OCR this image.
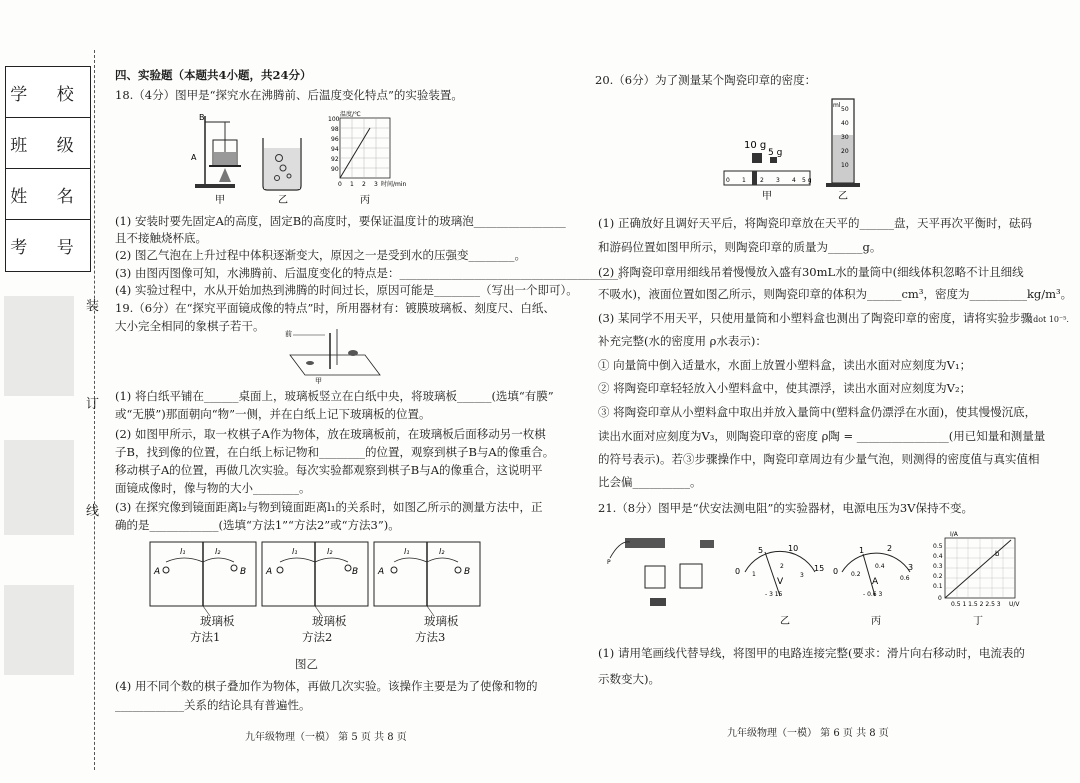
学 校
班 级
姓 名
考 号
装
订
线
四、实验题（本题共4小题，共24分）
18.（4分）图甲是“探究水在沸腾前、后温度变化特点”的实验装置。
B
A
100
98
96
94
92
90
温度/℃
0 1 2 3 时间/min
甲	乙	丙
(1) 安装时要先固定A的高度，固定B的高度时，要保证温度计的玻璃泡________________
且不接触烧杯底。
(2) 图乙气泡在上升过程中体积逐渐变大，原因之一是受到水的压强变________。
(3) 由图丙图像可知，水沸腾前、后温度变化的特点是：______________________________________。
(4) 实验过程中，水从开始加热到沸腾的时间过长，原因可能是________（写出一个即可）。
19.（6分）在“探究平面镜成像的特点”时，所用器材有：镀膜玻璃板、刻度尺、白纸、
大小完全相同的象棋子若干。
前
甲
(1) 将白纸平铺在______桌面上，玻璃板竖立在白纸中央，将玻璃板______(选填“有膜”
或“无膜”)那面朝向“物”一侧，并在白纸上记下玻璃板的位置。
(2) 如图甲所示，取一枚棋子A作为物体，放在玻璃板前，在玻璃板后面移动另一枚棋
子B，找到像的位置，在白纸上标记物和________的位置，观察到棋子B与A的像重合。
移动棋子A的位置，再做几次实验。每次实验都观察到棋子B与A的像重合，这说明平
面镜成像时，像与物的大小________。
(3) 在探究像到镜面距离l₂与物到镜面距离l₁的关系时，如图乙所示的测量方法中，正
确的是____________(选填“方法1”“方法2”或“方法3”)。
A	B
l₁	l₂
A	B
l₁	l₂
A	B
l₁	l₂
玻璃板	玻璃板	玻璃板
方法1	方法2	方法3
图乙
(4) 用不同个数的棋子叠加作为物体，再做几次实验。该操作主要是为了使像和物的
____________关系的结论具有普遍性。
九年级物理（一模） 第 5 页 共 8 页
20.（6分）为了测量某个陶瓷印章的密度：
10 g
5 g
0 1 2 3 4 5 g
甲
ml
50
40
30
20
10
乙
(1) 正确放好且调好天平后，将陶瓷印章放在天平的______盘，天平再次平衡时，砝码
和游码位置如图甲所示，则陶瓷印章的质量为______g。
(2) 将陶瓷印章用细线吊着慢慢放入盛有30mL水的量筒中(细线体积忽略不计且细线
不吸水)，液面位置如图乙所示，则陶瓷印章的体积为______cm³，密度为__________kg/m³。
(3) 某同学不用天平，只使用量筒和小塑料盒也测出了陶瓷印章的密度，请将实验步骤
补充完整(水的密度用 ρ水表示)：
① 向量筒中倒入适量水，水面上放置小塑料盒，读出水面对应刻度为V₁；
② 将陶瓷印章轻轻放入小塑料盒中，使其漂浮，读出水面对应刻度为V₂；
③ 将陶瓷印章从小塑料盒中取出并放入量筒中(塑料盒仍漂浮在水面)，使其慢慢沉底，
读出水面对应刻度为V₃，则陶瓷印章的密度 ρ陶 = ________________(用已知量和测量量
的符号表示)。若③步骤操作中，陶瓷印章周边有少量气泡，则测得的密度值与真实值相
比会偏__________。
(dot 10⁻⁵.
21.（8分）图甲是“伏安法测电阻”的实验器材，电源电压为3V保持不变。
P
0
5	10
15
1
2
3
V
- 3 15
0
1	2
3
0.2
0.4
0.6
A
- 0.6 3
b
I/A
0.5
0.4
0.3
0.2
0.1
0
0.5 1 1.5 2 2.5 3 U/V
乙	丙	丁
(1) 请用笔画线代替导线，将图甲的电路连接完整(要求：滑片向右移动时，电流表的
示数变大)。
九年级物理（一模） 第 6 页 共 8 页
